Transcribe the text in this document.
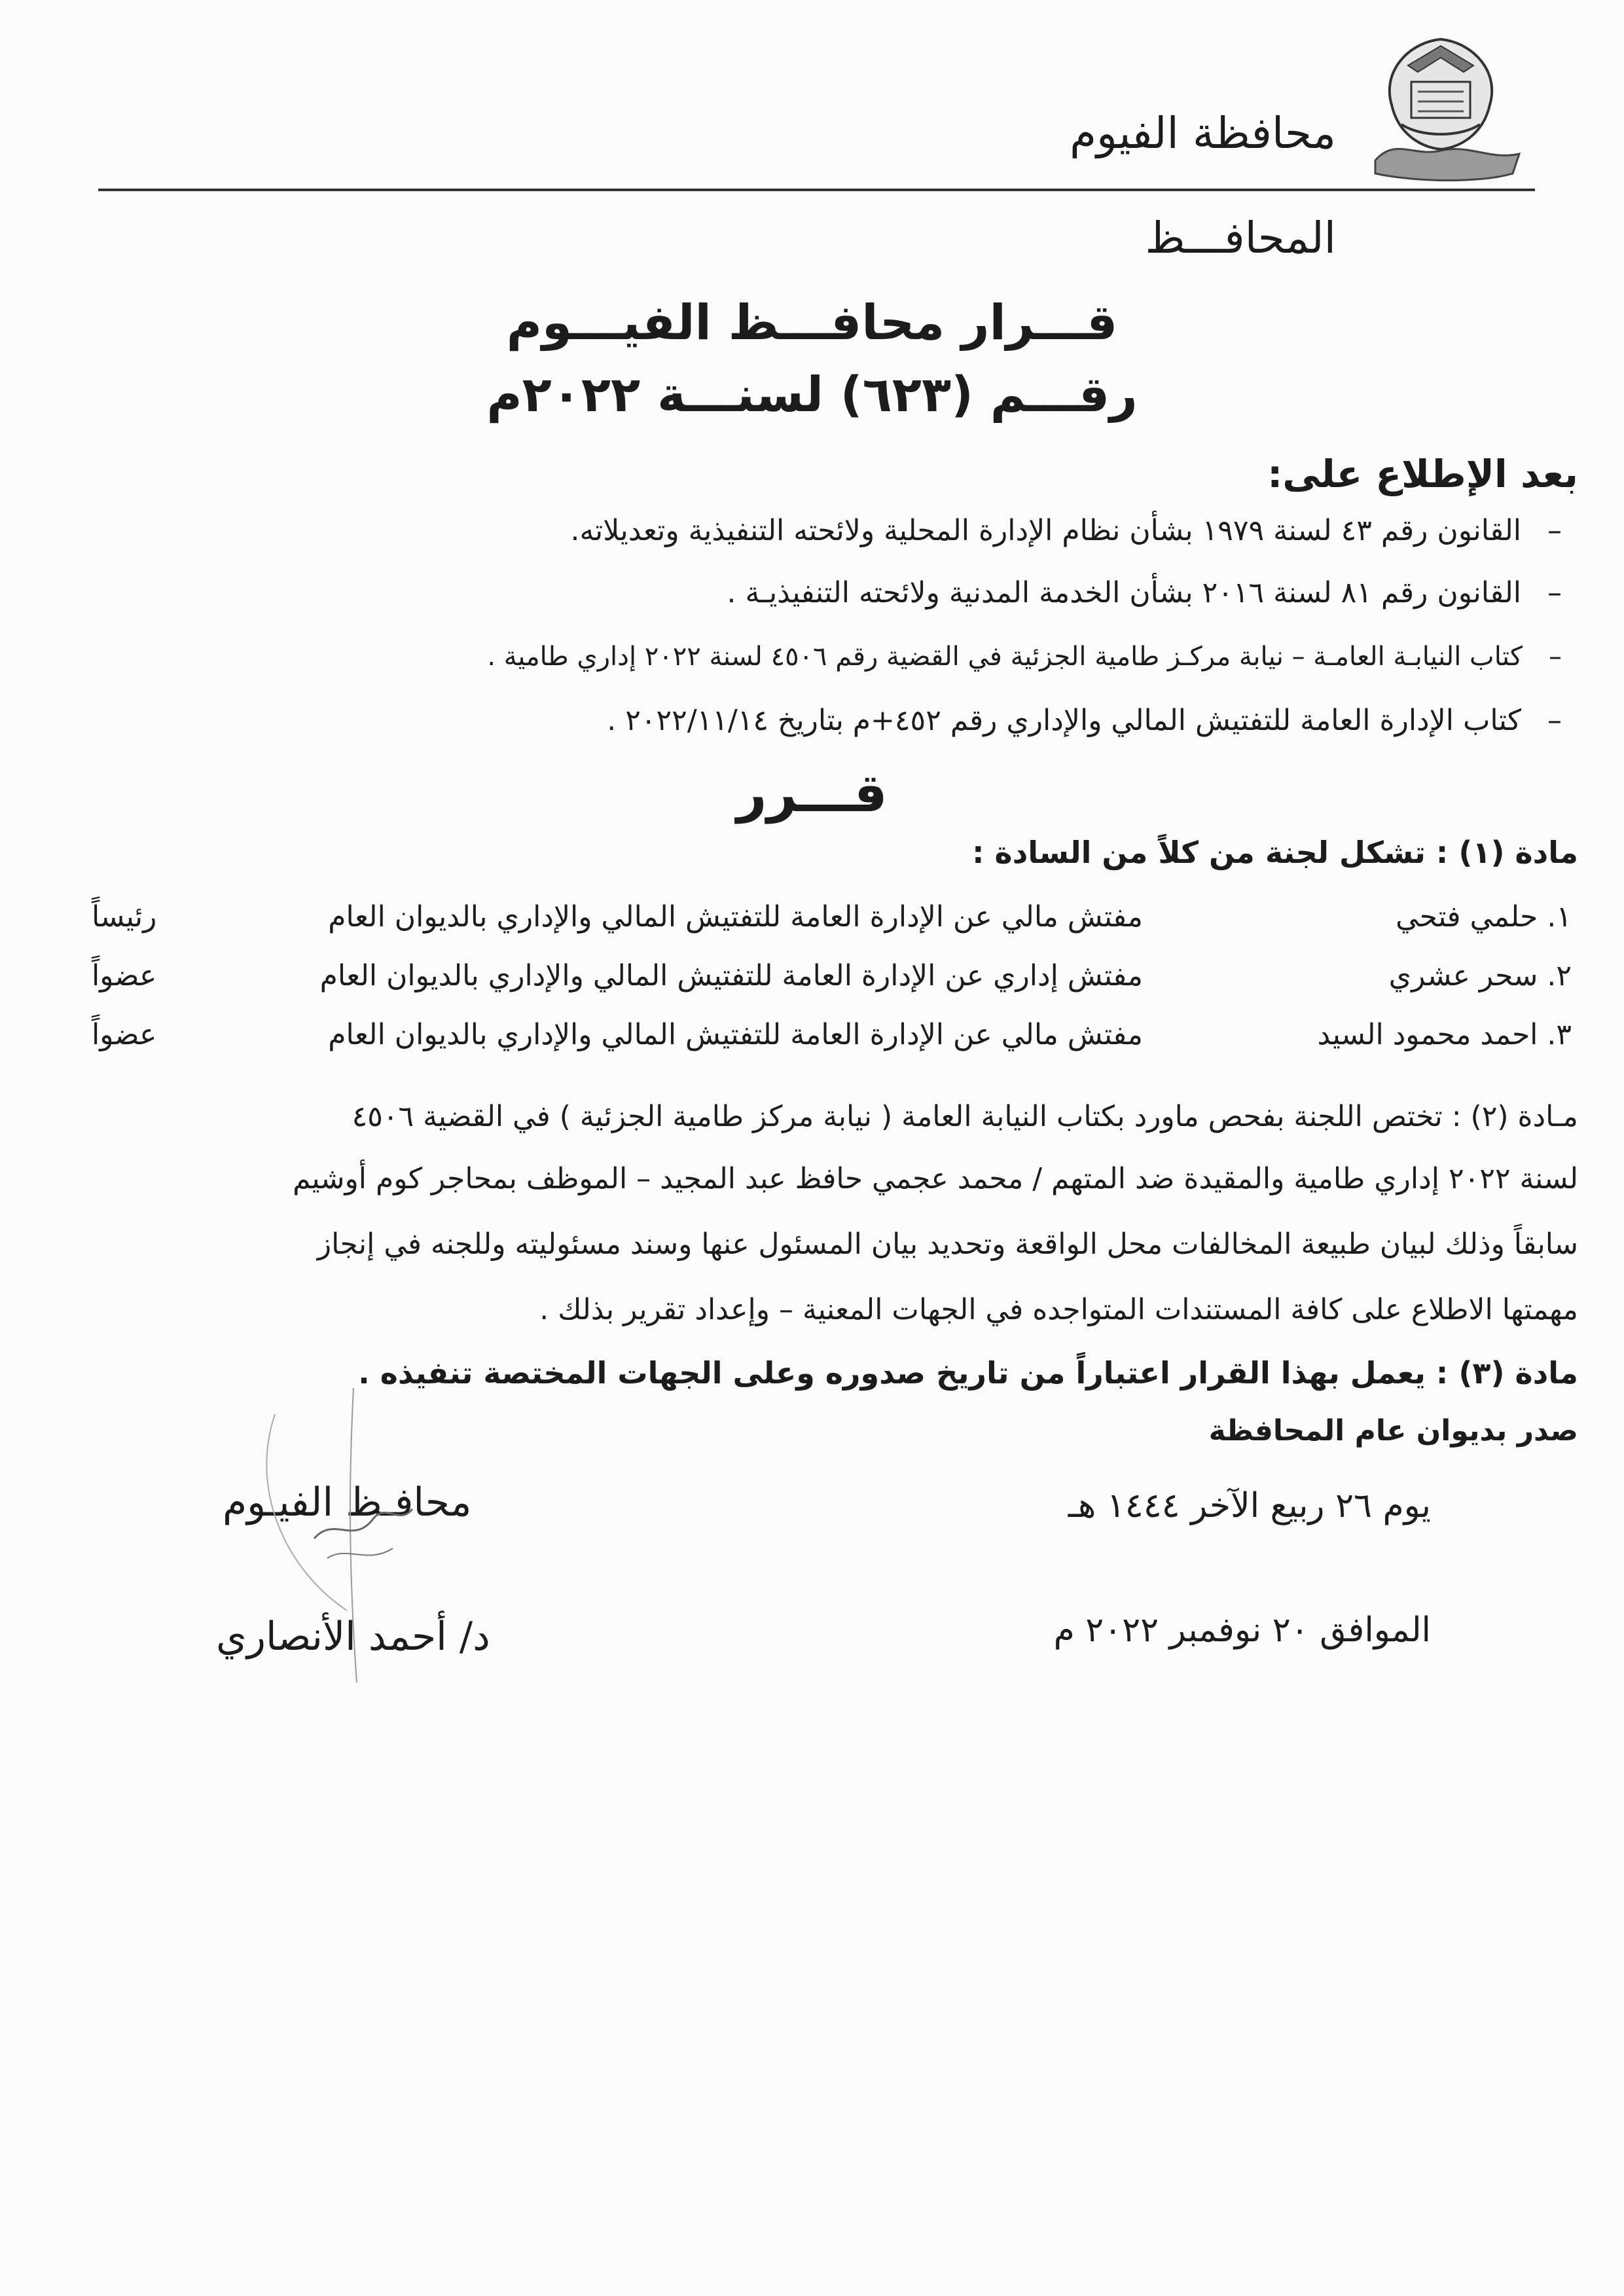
محافظة الفيوم
المحافـــظ
قـــرار محافـــظ الفيـــوم
رقـــم (٦٢٣) لسنـــة ٢٠٢٢م
بعد الإطلاع على:
–القانون رقم ٤٣ لسنة ١٩٧٩ بشأن نظام الإدارة المحلية ولائحته التنفيذية وتعديلاته.
–القانون رقم ٨١ لسنة ٢٠١٦ بشأن الخدمة المدنية ولائحته التنفيذيـة .
–كتاب النيابـة العامـة – نيابة مركـز طامية الجزئية في القضية رقم ٤٥٠٦ لسنة ٢٠٢٢ إداري طامية .
–كتاب الإدارة العامة للتفتيش المالي والإداري رقم ٤٥٢+م بتاريخ ٢٠٢٢/١١/١٤ .
قـــرر
مادة (١) : تشكل لجنة من كلاً من السادة :
١. حلمي فتحي
مفتش مالي عن الإدارة العامة للتفتيش المالي والإداري بالديوان العام
رئيساً
٢. سحر عشري
مفتش إداري عن الإدارة العامة للتفتيش المالي والإداري بالديوان العام
عضواً
٣. احمد محمود السيد
مفتش مالي عن الإدارة العامة للتفتيش المالي والإداري بالديوان العام
عضواً
مـادة (٢) : تختص اللجنة بفحص ماورد بكتاب النيابة العامة ( نيابة مركز طامية الجزئية ) في القضية ٤٥٠٦
لسنة ٢٠٢٢ إداري طامية والمقيدة ضد المتهم / محمد عجمي حافظ عبد المجيد – الموظف بمحاجر كوم أوشيم
سابقاً وذلك لبيان طبيعة المخالفات محل الواقعة وتحديد بيان المسئول عنها وسند مسئوليته وللجنه في إنجاز
مهمتها الاطلاع على كافة المستندات المتواجده في الجهات المعنية – وإعداد تقرير بذلك .
مادة (٣) : يعمل بهذا القرار اعتباراً من تاريخ صدوره وعلى الجهات المختصة تنفيذه .
صدر بديوان عام المحافظة
يوم ٢٦ ربيع الآخر ١٤٤٤ هـ
الموافق ٢٠ نوفمبر ٢٠٢٢ م
محافـظ الفيـوم
د/ أحمد الأنصاري
